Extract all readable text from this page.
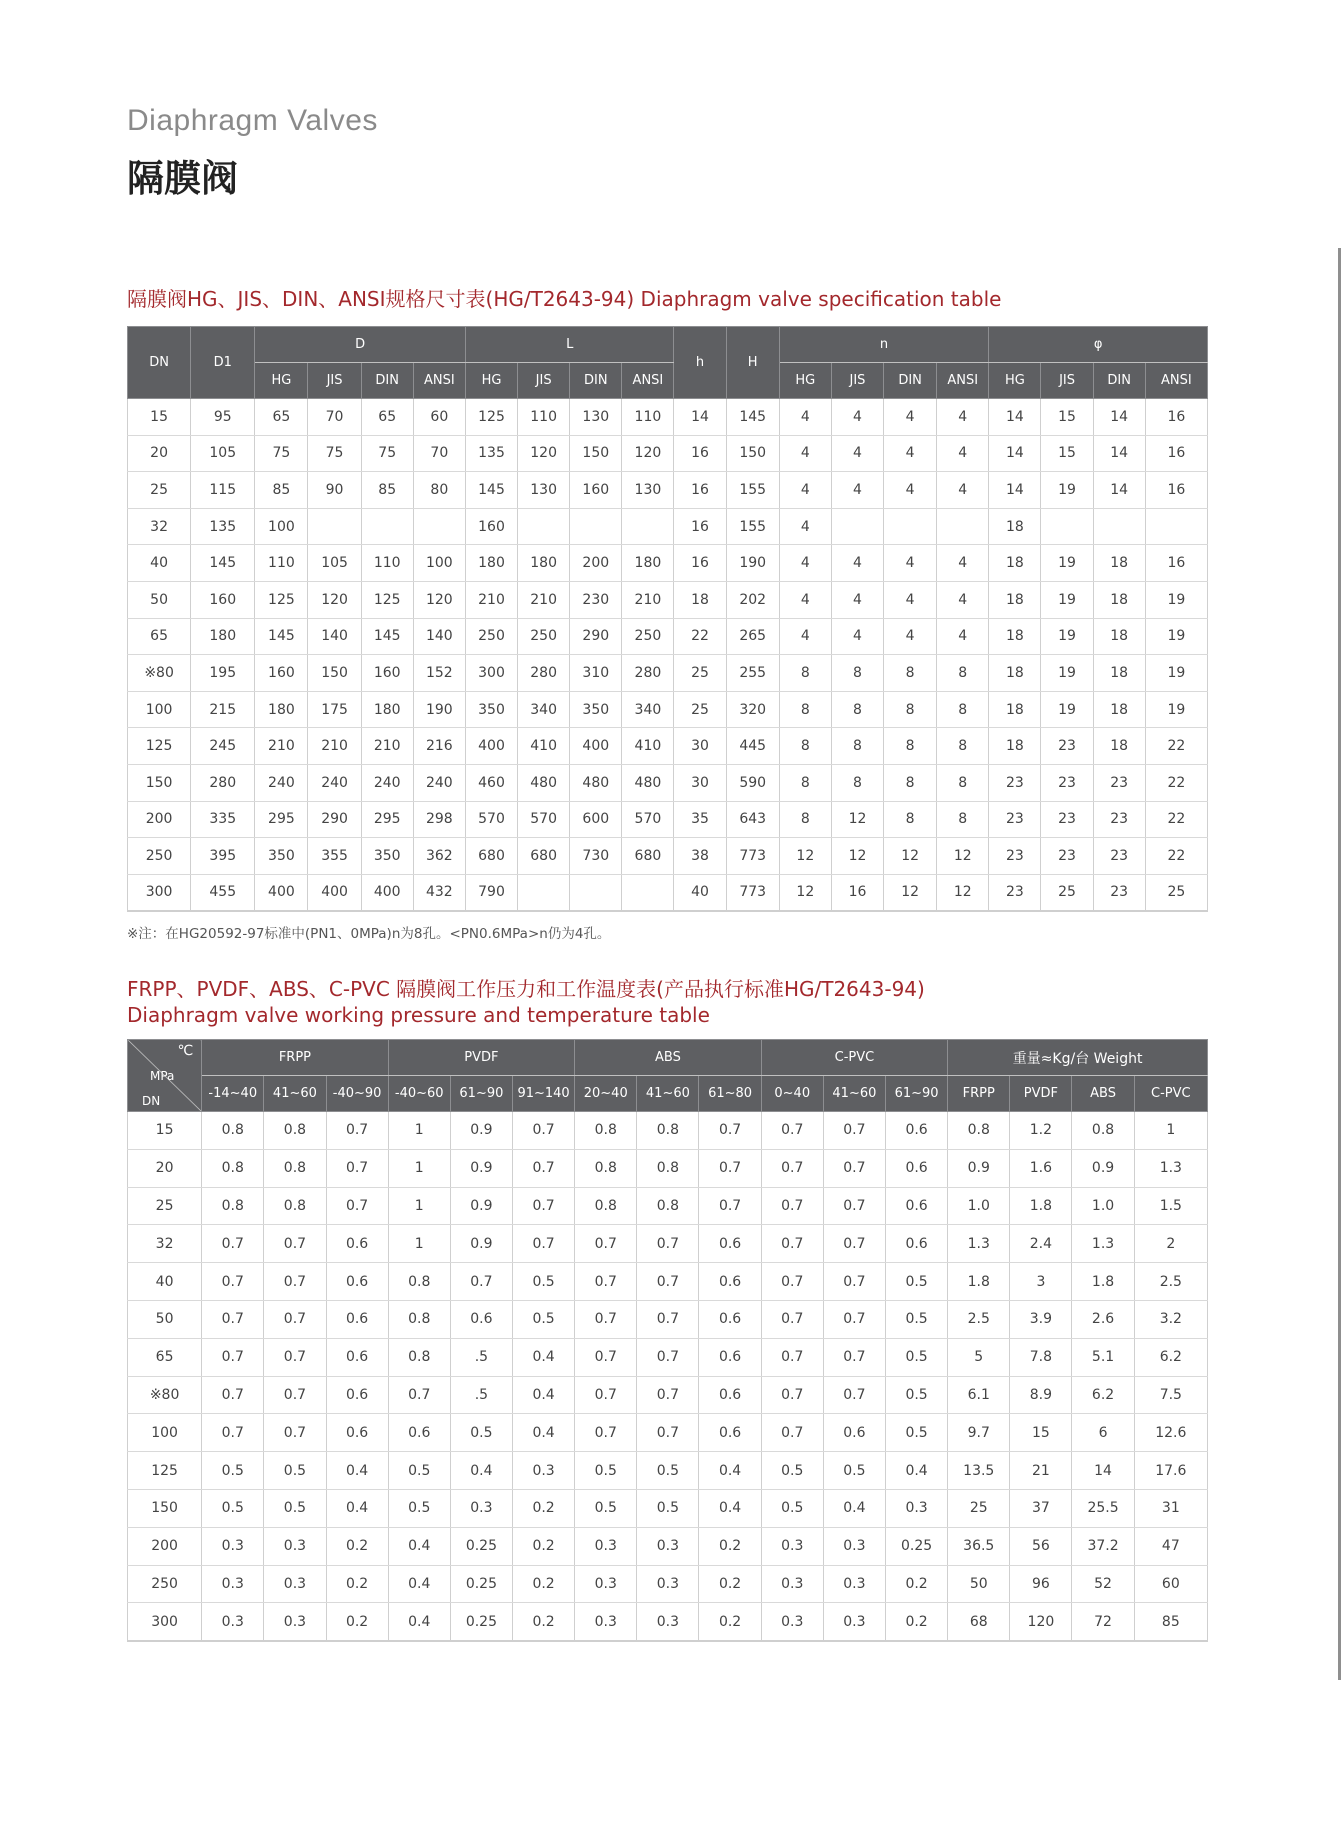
Diaphragm Valves
隔膜阀
隔膜阀HG、JIS、DIN、ANSI规格尺寸表(HG/T2643-94) Diaphragm valve specification table
DN	D1	D				L				h	H	n				φ			
		HG	JIS	DIN	ANSI	HG	JIS	DIN	ANSI			HG	JIS	DIN	ANSI	HG	JIS	DIN	ANSI
15	95	65	70	65	60	125	110	130	110	14	145	4	4	4	4	14	15	14	16
20	105	75	75	75	70	135	120	150	120	16	150	4	4	4	4	14	15	14	16
25	115	85	90	85	80	145	130	160	130	16	155	4	4	4	4	14	19	14	16
32	135	100				160				16	155	4				18			
40	145	110	105	110	100	180	180	200	180	16	190	4	4	4	4	18	19	18	16
50	160	125	120	125	120	210	210	230	210	18	202	4	4	4	4	18	19	18	19
65	180	145	140	145	140	250	250	290	250	22	265	4	4	4	4	18	19	18	19
※80	195	160	150	160	152	300	280	310	280	25	255	8	8	8	8	18	19	18	19
100	215	180	175	180	190	350	340	350	340	25	320	8	8	8	8	18	19	18	19
125	245	210	210	210	216	400	410	400	410	30	445	8	8	8	8	18	23	18	22
150	280	240	240	240	240	460	480	480	480	30	590	8	8	8	8	23	23	23	22
200	335	295	290	295	298	570	570	600	570	35	643	8	12	8	8	23	23	23	22
250	395	350	355	350	362	680	680	730	680	38	773	12	12	12	12	23	23	23	22
300	455	400	400	400	432	790				40	773	12	16	12	12	23	25	23	25
※注：在HG20592-97标准中(PN1、0MPa)n为8孔。<PN0.6MPa>n仍为4孔。
FRPP、PVDF、ABS、C-PVC 隔膜阀工作压力和工作温度表(产品执行标准HG/T2643-94)
Diaphragm valve working pressure and temperature table
℃
MPa
DN	FRPP			PVDF			ABS			C-PVC			重量≈Kg/台 Weight			
	-14~40	41~60	-40~90	-40~60	61~90	91~140	20~40	41~60	61~80	0~40	41~60	61~90	FRPP	PVDF	ABS	C-PVC
15	0.8	0.8	0.7	1	0.9	0.7	0.8	0.8	0.7	0.7	0.7	0.6	0.8	1.2	0.8	1
20	0.8	0.8	0.7	1	0.9	0.7	0.8	0.8	0.7	0.7	0.7	0.6	0.9	1.6	0.9	1.3
25	0.8	0.8	0.7	1	0.9	0.7	0.8	0.8	0.7	0.7	0.7	0.6	1.0	1.8	1.0	1.5
32	0.7	0.7	0.6	1	0.9	0.7	0.7	0.7	0.6	0.7	0.7	0.6	1.3	2.4	1.3	2
40	0.7	0.7	0.6	0.8	0.7	0.5	0.7	0.7	0.6	0.7	0.7	0.5	1.8	3	1.8	2.5
50	0.7	0.7	0.6	0.8	0.6	0.5	0.7	0.7	0.6	0.7	0.7	0.5	2.5	3.9	2.6	3.2
65	0.7	0.7	0.6	0.8	.5	0.4	0.7	0.7	0.6	0.7	0.7	0.5	5	7.8	5.1	6.2
※80	0.7	0.7	0.6	0.7	.5	0.4	0.7	0.7	0.6	0.7	0.7	0.5	6.1	8.9	6.2	7.5
100	0.7	0.7	0.6	0.6	0.5	0.4	0.7	0.7	0.6	0.7	0.6	0.5	9.7	15	6	12.6
125	0.5	0.5	0.4	0.5	0.4	0.3	0.5	0.5	0.4	0.5	0.5	0.4	13.5	21	14	17.6
150	0.5	0.5	0.4	0.5	0.3	0.2	0.5	0.5	0.4	0.5	0.4	0.3	25	37	25.5	31
200	0.3	0.3	0.2	0.4	0.25	0.2	0.3	0.3	0.2	0.3	0.3	0.25	36.5	56	37.2	47
250	0.3	0.3	0.2	0.4	0.25	0.2	0.3	0.3	0.2	0.3	0.3	0.2	50	96	52	60
300	0.3	0.3	0.2	0.4	0.25	0.2	0.3	0.3	0.2	0.3	0.3	0.2	68	120	72	85
